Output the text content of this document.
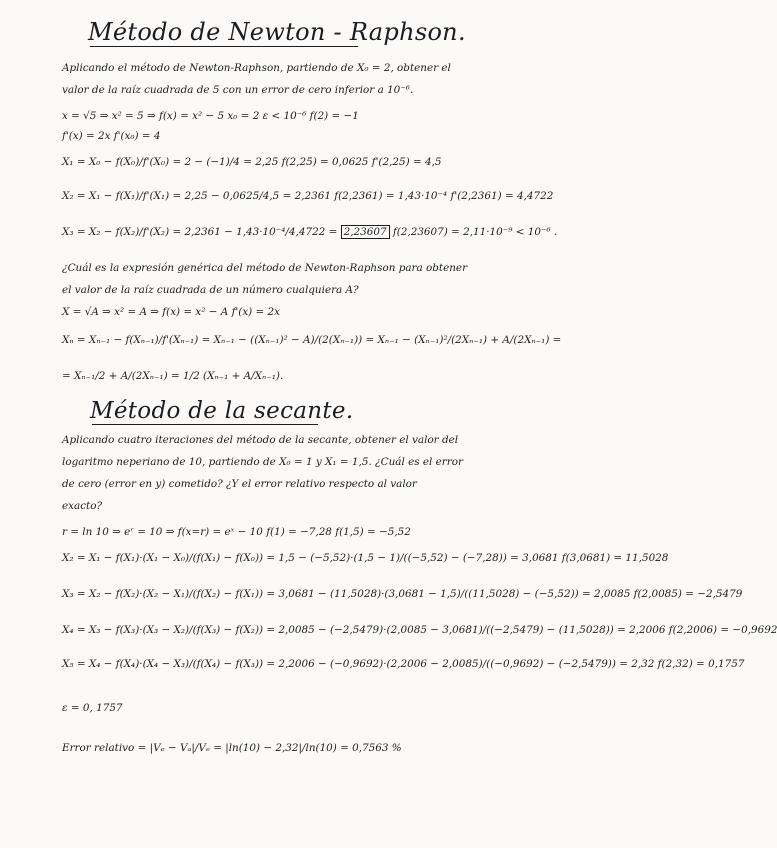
Método de Newton - Raphson.
Aplicando el método de Newton-Raphson, partiendo de X₀ = 2, obtener el
valor de la raíz cuadrada de 5 con un error de cero inferior a 10⁻⁶.
x = √5 ⇒ x² = 5 ⇒ f(x) = x² − 5 x₀ = 2 ε < 10⁻⁶ f(2) = −1
f'(x) = 2x f'(x₀) = 4
X₁ = X₀ − f(X₀)/f'(X₀) = 2 − (−1)/4 = 2,25 f(2,25) = 0,0625 f'(2,25) = 4,5
X₂ = X₁ − f(X₁)/f'(X₁) = 2,25 − 0,0625/4,5 = 2,2361 f(2,2361) = 1,43·10⁻⁴ f'(2,2361) = 4,4722
X₃ = X₂ − f(X₂)/f'(X₂) = 2,2361 − 1,43·10⁻⁴/4,4722 = 2,23607 f(2,23607) = 2,11·10⁻⁹ < 10⁻⁶ .
¿Cuál es la expresión genérica del método de Newton-Raphson para obtener
el valor de la raíz cuadrada de un número cualquiera A?
X = √A ⇒ x² = A ⇒ f(x) = x² − A f'(x) = 2x
Xₙ = Xₙ₋₁ − f(Xₙ₋₁)/f'(Xₙ₋₁) = Xₙ₋₁ − ((Xₙ₋₁)² − A)/(2(Xₙ₋₁)) = Xₙ₋₁ − (Xₙ₋₁)²/(2Xₙ₋₁) + A/(2Xₙ₋₁) =
= Xₙ₋₁/2 + A/(2Xₙ₋₁) = 1/2 (Xₙ₋₁ + A/Xₙ₋₁).
Método de la secante.
Aplicando cuatro iteraciones del método de la secante, obtener el valor del
logaritmo neperiano de 10, partiendo de X₀ = 1 y X₁ = 1,5. ¿Cuál es el error
de cero (error en y) cometido? ¿Y el error relativo respecto al valor
exacto?
r = ln 10 ⇒ eʳ = 10 ⇒ f(x=r) = eˣ − 10 f(1) = −7,28 f(1,5) = −5,52
X₂ = X₁ − f(X₁)·(X₁ − X₀)/(f(X₁) − f(X₀)) = 1,5 − (−5,52)·(1,5 − 1)/((−5,52) − (−7,28)) = 3,0681 f(3,0681) = 11,5028
X₃ = X₂ − f(X₂)·(X₂ − X₁)/(f(X₂) − f(X₁)) = 3,0681 − (11,5028)·(3,0681 − 1,5)/((11,5028) − (−5,52)) = 2,0085 f(2,0085) = −2,5479
X₄ = X₃ − f(X₃)·(X₃ − X₂)/(f(X₃) − f(X₂)) = 2,0085 − (−2,5479)·(2,0085 − 3,0681)/((−2,5479) − (11,5028)) = 2,2006 f(2,2006) = −0,9692
X₅ = X₄ − f(X₄)·(X₄ − X₃)/(f(X₄) − f(X₃)) = 2,2006 − (−0,9692)·(2,2006 − 2,0085)/((−0,9692) − (−2,5479)) = 2,32 f(2,32) = 0,1757
ε = 0, 1757
Error relativo = |Vₑ − Vₐ|/Vₑ = |ln(10) − 2,32|/ln(10) = 0,7563 %
